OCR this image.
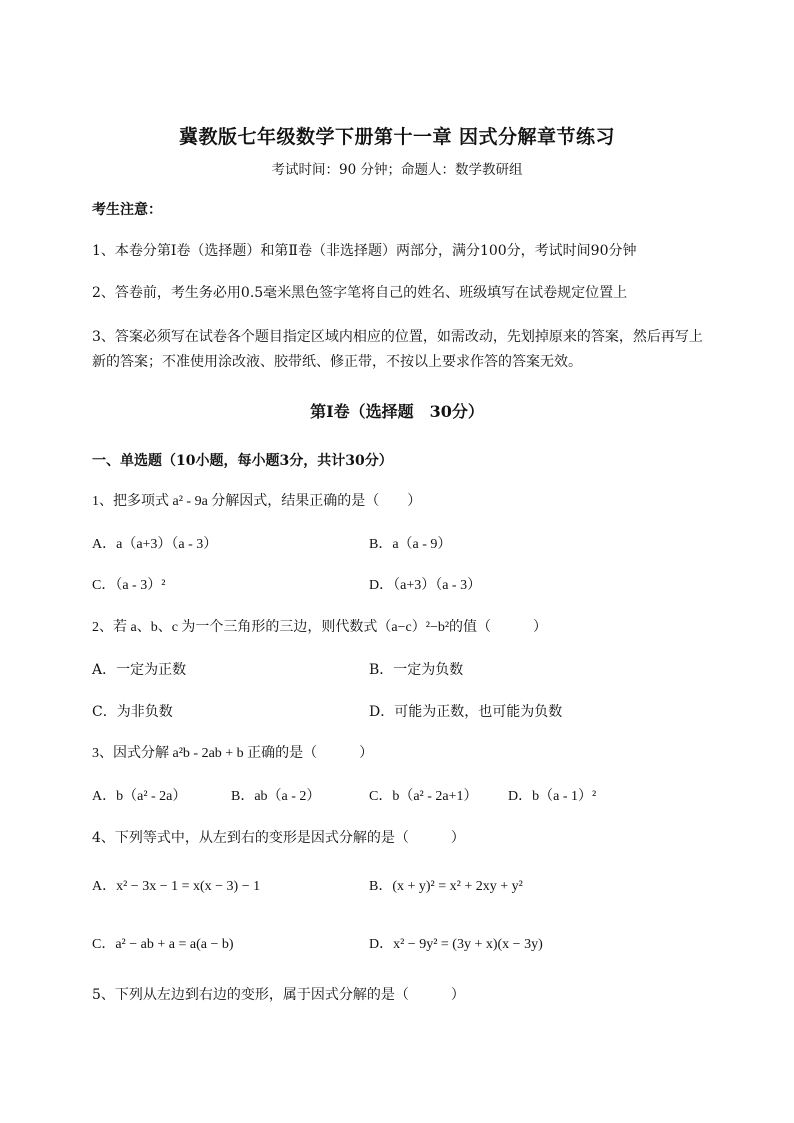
冀教版七年级数学下册第十一章 因式分解章节练习
考试时间：90 分钟；命题人：数学教研组
考生注意：
1、本卷分第Ⅰ卷（选择题）和第Ⅱ卷（非选择题）两部分，满分100分，考试时间90分钟
2、答卷前，考生务必用0.5毫米黑色签字笔将自己的姓名、班级填写在试卷规定位置上
3、答案必须写在试卷各个题目指定区域内相应的位置，如需改动，先划掉原来的答案，然后再写上新的答案；不准使用涂改液、胶带纸、修正带，不按以上要求作答的答案无效。
第Ⅰ卷（选择题　30分）
一、单选题（10小题，每小题3分，共计30分）
1、把多项式 a² - 9a 分解因式，结果正确的是（　　）
A．a（a+3）（a - 3）	B．a（a - 9）
C．（a - 3）²	D．（a+3）（a - 3）
2、若 a、b、c 为一个三角形的三边，则代数式（a−c）²−b²的值（　　　）
A．一定为正数	B．一定为负数
C．为非负数	D．可能为正数，也可能为负数
3、因式分解 a²b - 2ab + b 正确的是（　　　）
A．b（a² - 2a）	B．ab（a - 2）	C．b（a² - 2a+1） D．b（a - 1）²
4、下列等式中，从左到右的变形是因式分解的是（　　　）
A．x² − 3x − 1 = x(x − 3) − 1	B．(x + y)² = x² + 2xy + y²
C．a² − ab + a = a(a − b)	D．x² − 9y² = (3y + x)(x − 3y)
5、下列从左边到右边的变形，属于因式分解的是（　　　）
